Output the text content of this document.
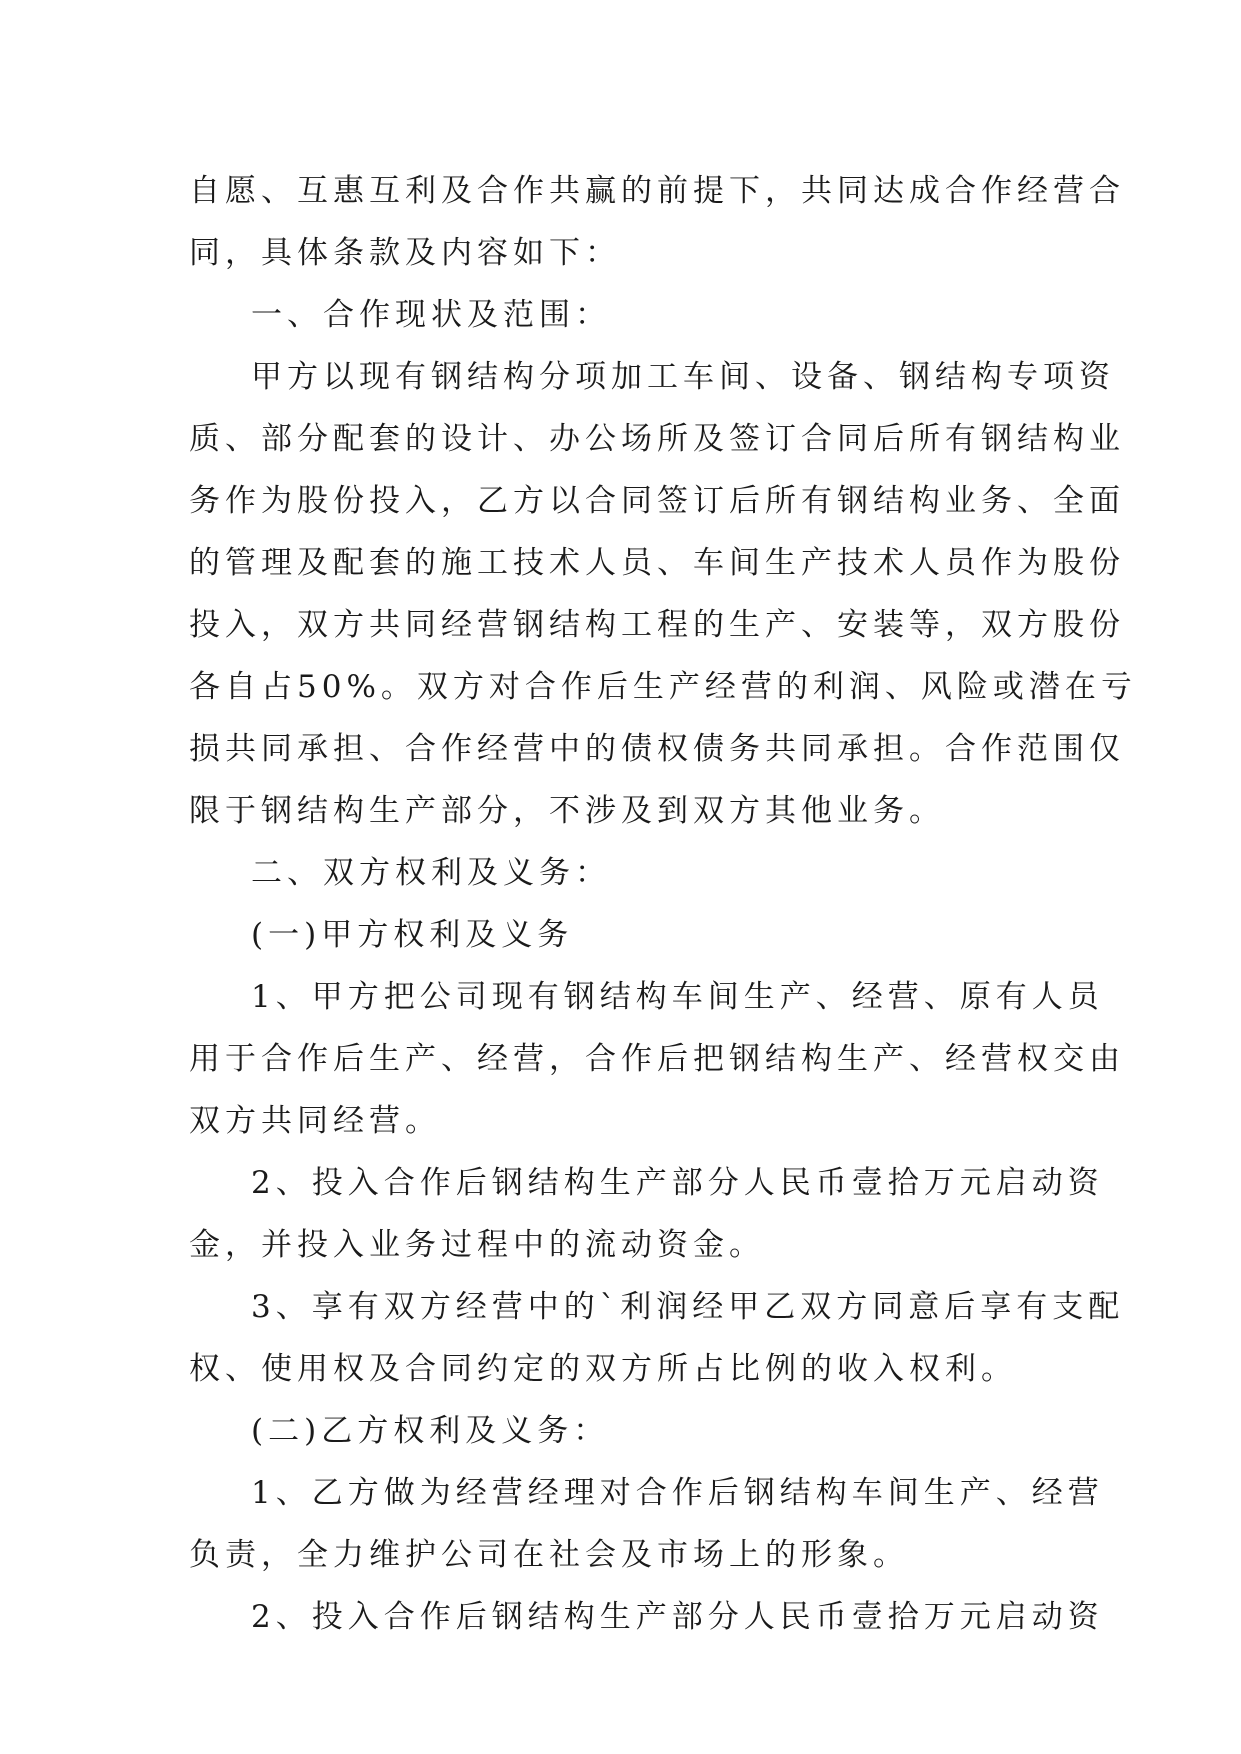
自愿、互惠互利及合作共赢的前提下，共同达成合作经营合
同，具体条款及内容如下：
一、合作现状及范围：
甲方以现有钢结构分项加工车间、设备、钢结构专项资
质、部分配套的设计、办公场所及签订合同后所有钢结构业
务作为股份投入，乙方以合同签订后所有钢结构业务、全面
的管理及配套的施工技术人员、车间生产技术人员作为股份
投入，双方共同经营钢结构工程的生产、安装等，双方股份
各自占50%。双方对合作后生产经营的利润、风险或潜在亏
损共同承担、合作经营中的债权债务共同承担。合作范围仅
限于钢结构生产部分，不涉及到双方其他业务。
二、双方权利及义务：
(一)甲方权利及义务
1、甲方把公司现有钢结构车间生产、经营、原有人员
用于合作后生产、经营，合作后把钢结构生产、经营权交由
双方共同经营。
2、投入合作后钢结构生产部分人民币壹拾万元启动资
金，并投入业务过程中的流动资金。
3、享有双方经营中的`利润经甲乙双方同意后享有支配
权、使用权及合同约定的双方所占比例的收入权利。
(二)乙方权利及义务：
1、乙方做为经营经理对合作后钢结构车间生产、经营
负责，全力维护公司在社会及市场上的形象。
2、投入合作后钢结构生产部分人民币壹拾万元启动资
